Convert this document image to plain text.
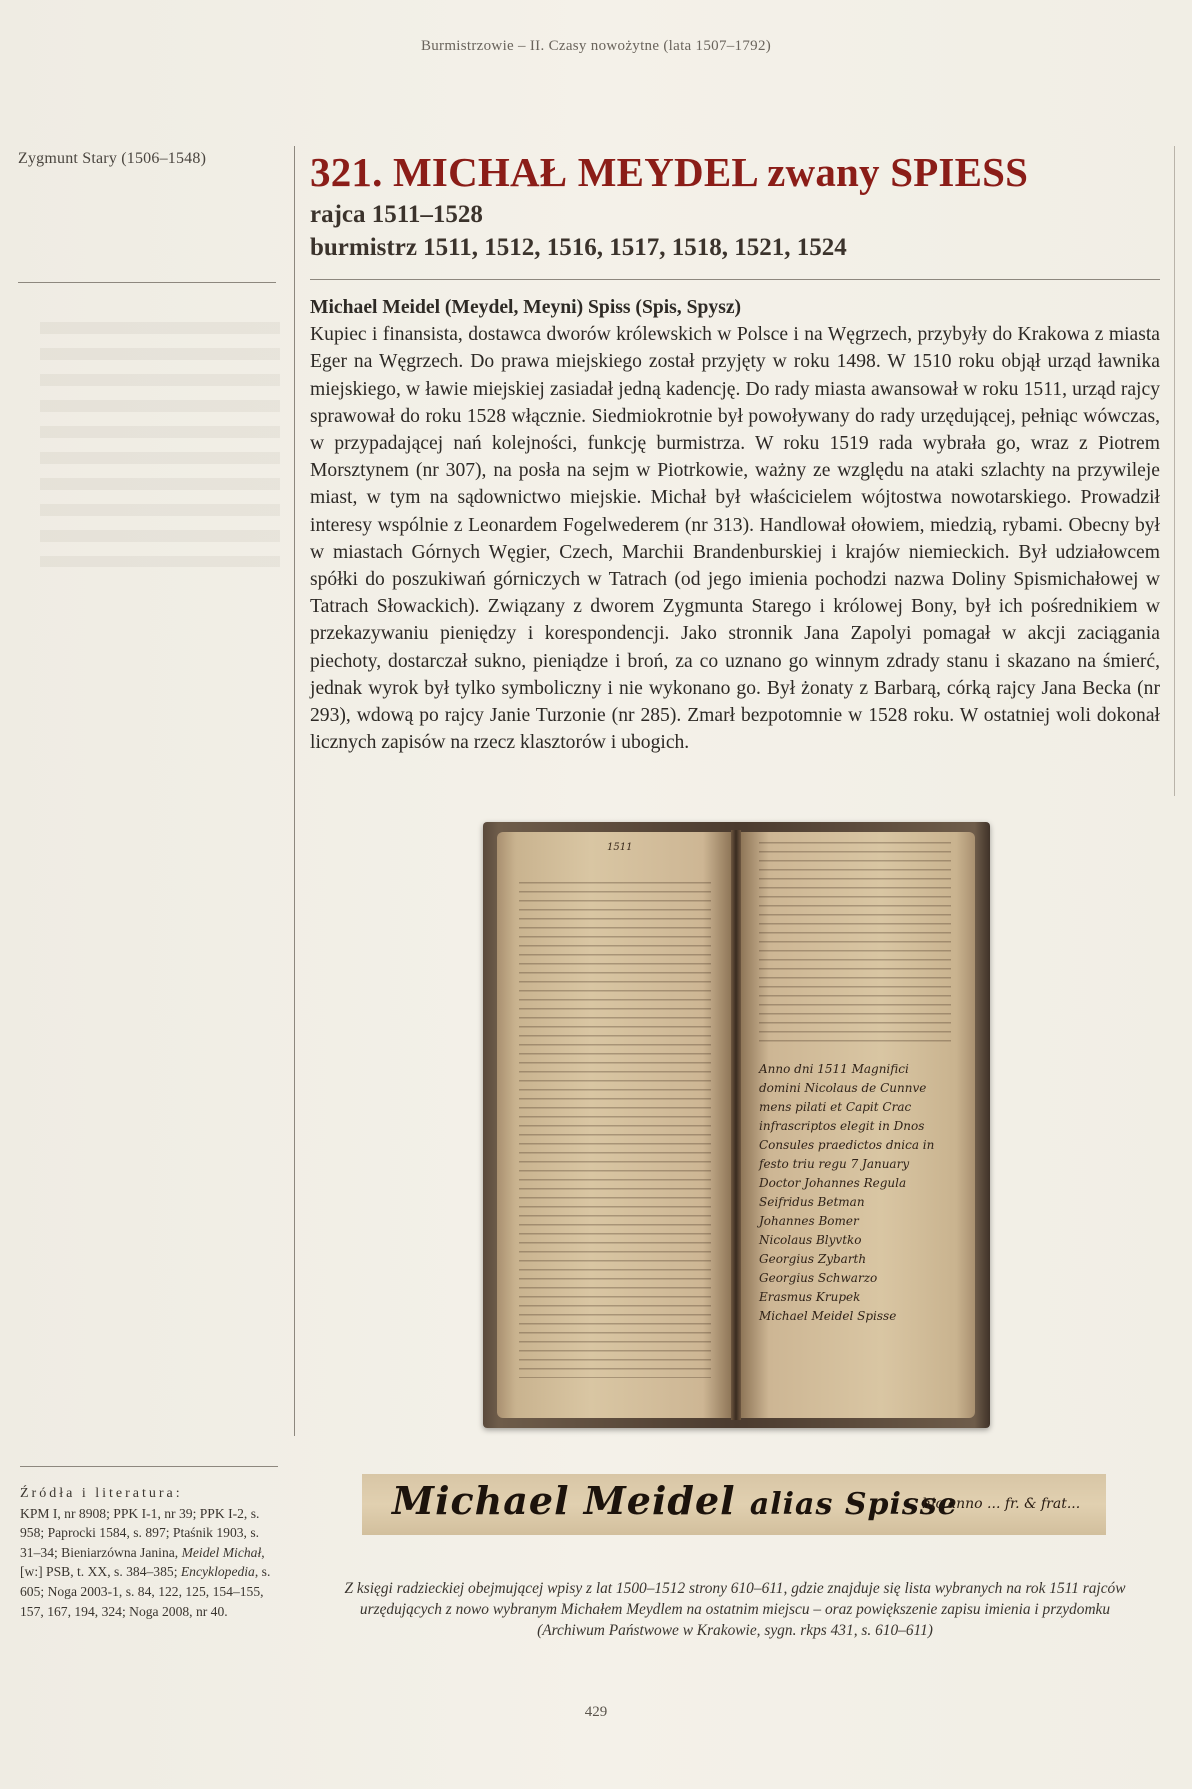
Burmistrzowie – II. Czasy nowożytne (lata 1507–1792)
Zygmunt Stary (1506–1548)	321. MICHAŁ MEYDEL zwany SPIESS
rajca 1511–1528
burmistrz 1511, 1512, 1516, 1517, 1518, 1521, 1524
Michael Meidel (Meydel, Meyni) Spiss (Spis, Spysz)
Kupiec i finansista, dostawca dworów królewskich w Polsce i na Węgrzech, przybyły do Krakowa z miasta Eger na Węgrzech. Do prawa miejskiego został przyjęty w roku 1498. W 1510 roku objął urząd ławnika miejskiego, w ławie miejskiej zasiadał jedną kadencję. Do rady miasta awansował w roku 1511, urząd rajcy sprawował do roku 1528 włącznie. Siedmiokrotnie był powoływany do rady urzędującej, pełniąc wówczas, w przypadającej nań kolejności, funkcję burmistrza. W roku 1519 rada wybrała go, wraz z Piotrem Morsztynem (nr 307), na posła na sejm w Piotrkowie, ważny ze względu na ataki szlachty na przywileje miast, w tym na sądownictwo miejskie. Michał był właścicielem wójtostwa nowotarskiego. Prowadził interesy wspólnie z Leonardem Fogelwederem (nr 313). Handlował ołowiem, miedzią, rybami. Obecny był w miastach Górnych Węgier, Czech, Marchii Brandenburskiej i krajów niemieckich. Był udziałowcem spółki do poszukiwań górniczych w Tatrach (od jego imienia pochodzi nazwa Doliny Spismichałowej w Tatrach Słowackich). Związany z dworem Zygmunta Starego i królowej Bony, był ich pośrednikiem w przekazywaniu pieniędzy i korespondencji. Jako stronnik Jana Zapolyi pomagał w akcji zaciągania piechoty, dostarczał sukno, pieniądze i broń, za co uznano go winnym zdrady stanu i skazano na śmierć, jednak wyrok był tylko symboliczny i nie wykonano go. Był żonaty z Barbarą, córką rajcy Jana Becka (nr 293), wdową po rajcy Janie Turzonie (nr 285). Zmarł bezpotomnie w 1528 roku. W ostatniej woli dokonał licznych zapisów na rzecz klasztorów i ubogich.
1511
Anno dni 1511 Magnifici
domini Nicolaus de Cunnve
mens pilati et Capit Crac
infrascriptos elegit in Dnos
Consules praedictos dnica in
festo triu regu 7 January
Doctor Johannes Regula
Seifridus Betman
Johannes Bomer
Nicolaus Blyvtko
Georgius Zybarth
Georgius Schwarzo
Erasmus Krupek
Michael Meidel Spisse
Michael Meidel alias Spisse
hic anno ... fr. & frat...
Z księgi radzieckiej obejmującej wpisy z lat 1500–1512 strony 610–611, gdzie znajduje się lista wybranych na rok 1511 rajców urzędujących z nowo wybranym Michałem Meydlem na ostatnim miejscu – oraz powiększenie zapisu imienia i przydomku
(Archiwum Państwowe w Krakowie, sygn. rkps 431, s. 610–611)
Źródła i literatura:
KPM I, nr 8908; PPK I-1, nr 39; PPK I-2, s. 958; Paprocki 1584, s. 897; Ptaśnik 1903, s. 31–34; Bieniarzówna Janina, Meidel Michał, [w:] PSB, t. XX, s. 384–385; Encyklopedia, s. 605; Noga 2003-1, s. 84, 122, 125, 154–155, 157, 167, 194, 324; Noga 2008, nr 40.
429
